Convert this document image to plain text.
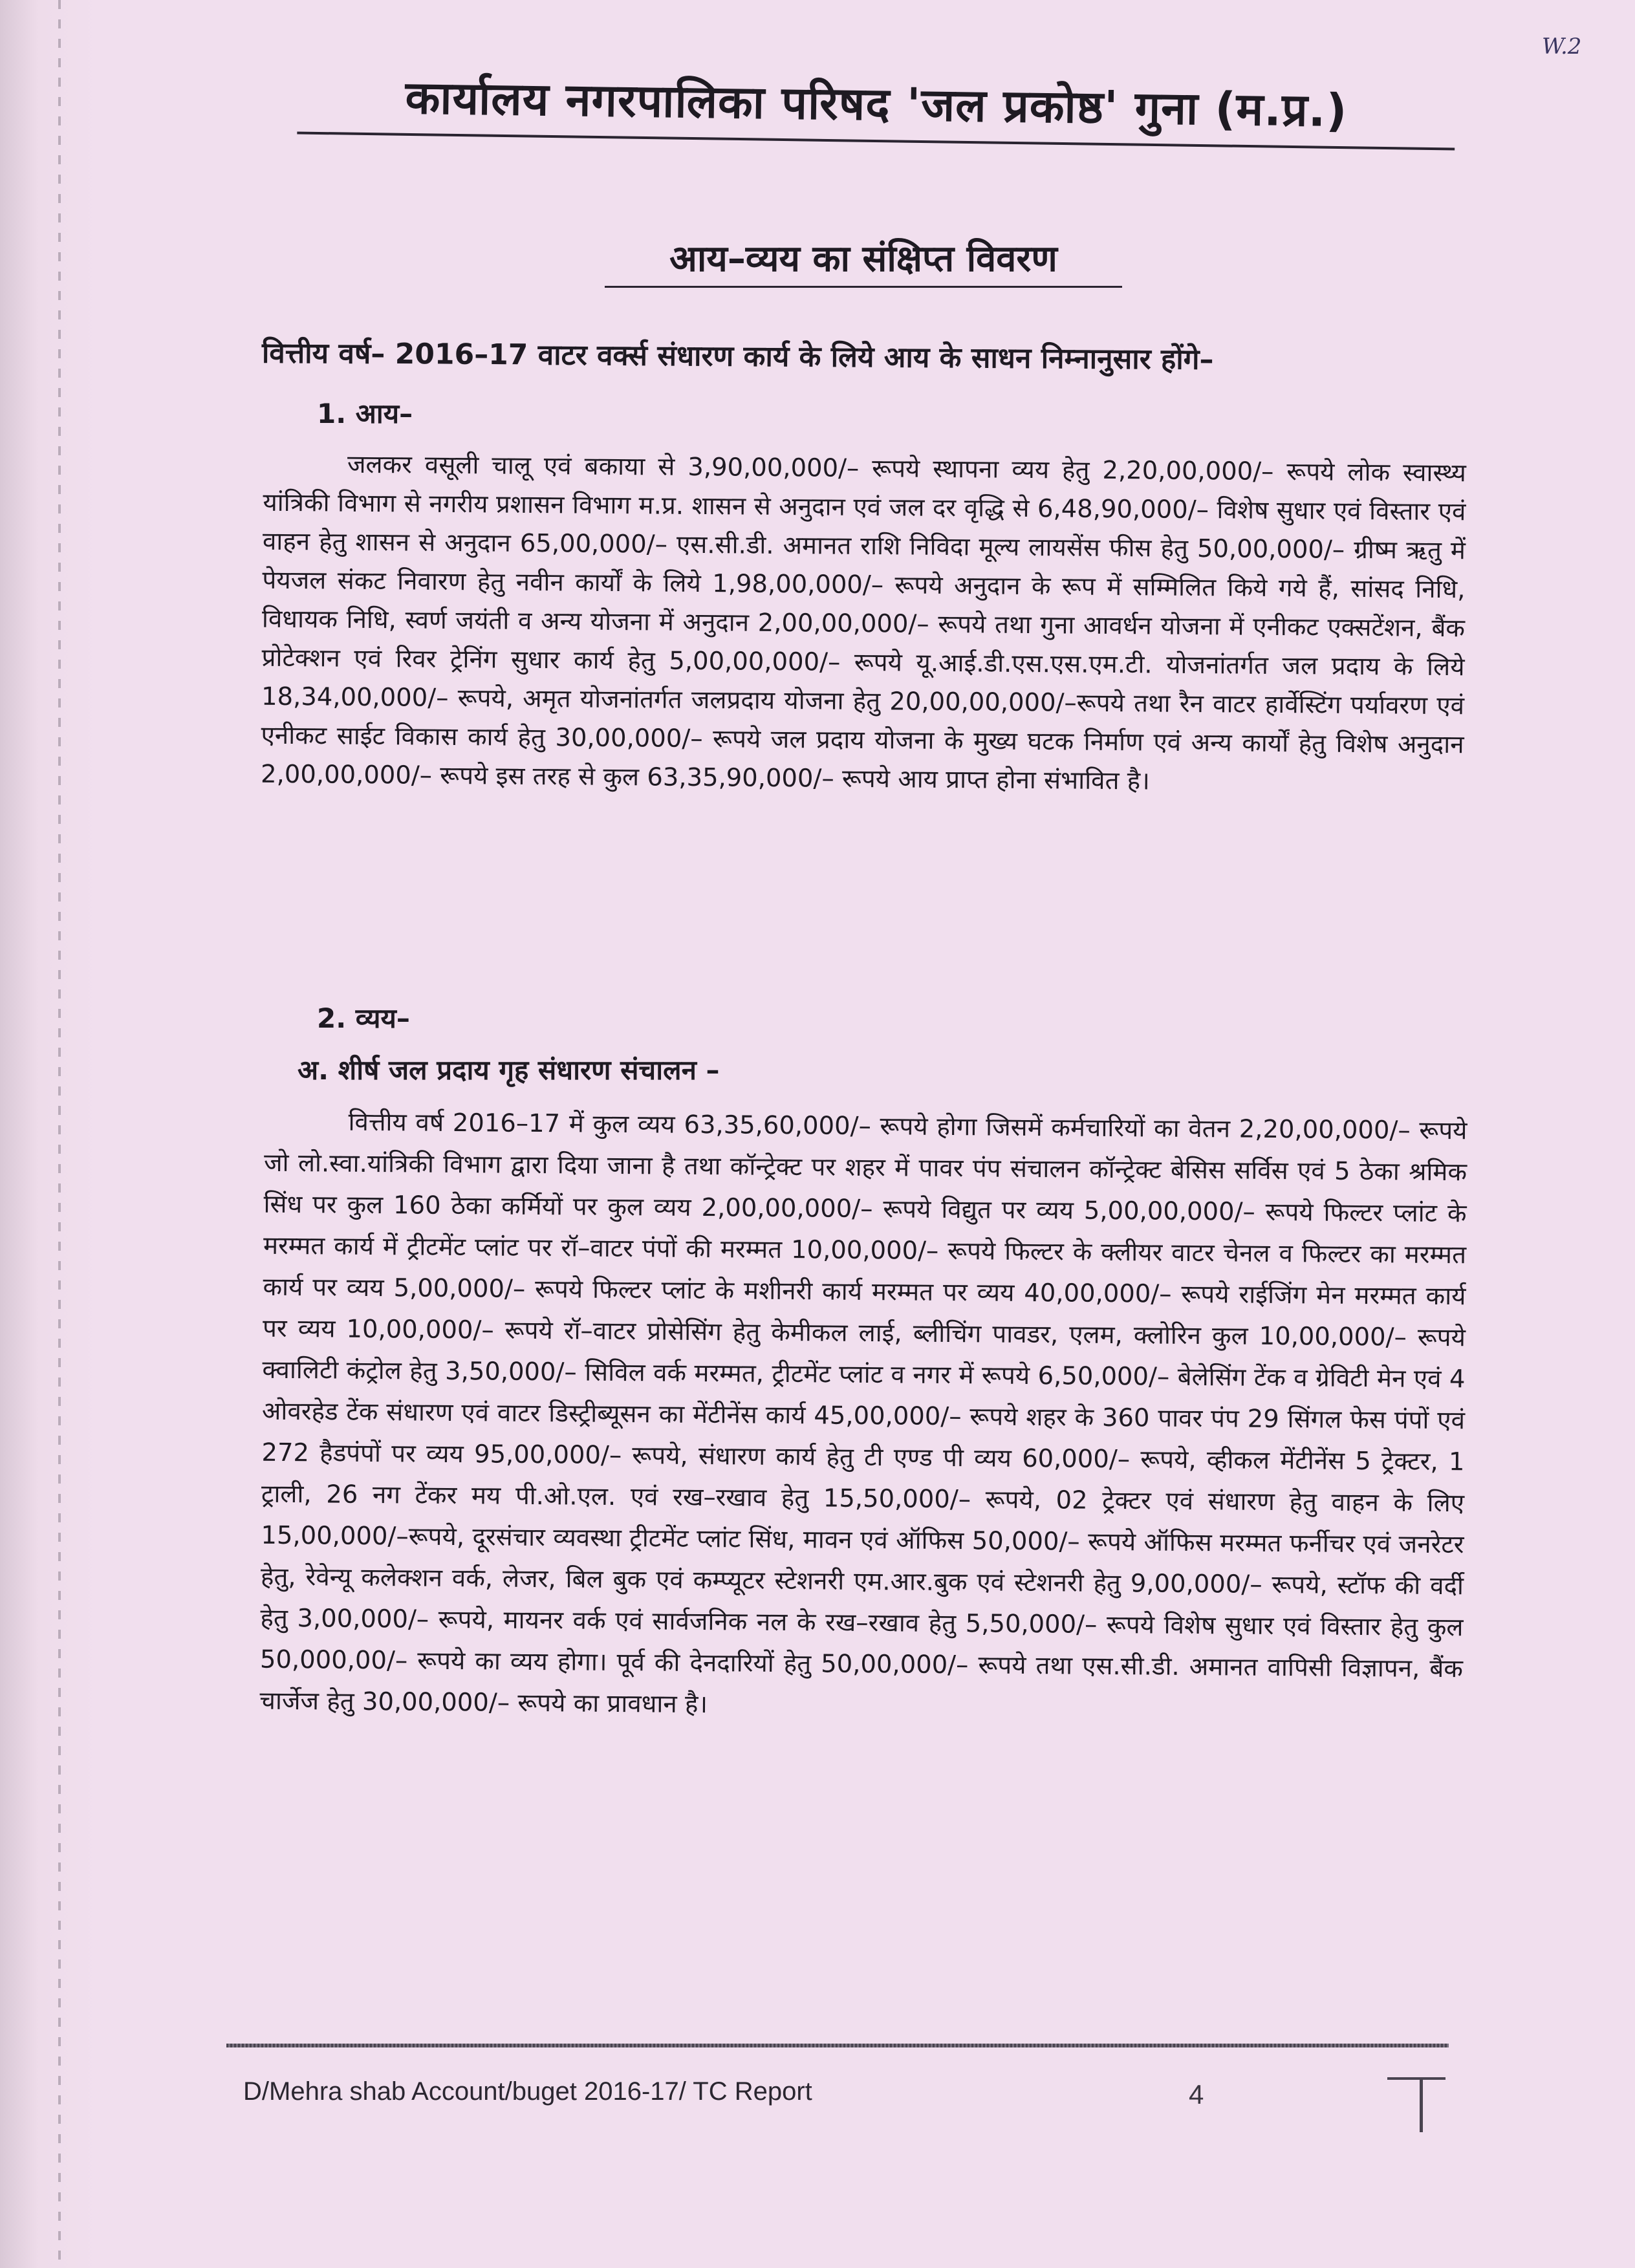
W.2
कार्यालय नगरपालिका परिषद 'जल प्रकोष्ठ' गुना (म.प्र.)
आय–व्यय का संक्षिप्त विवरण

वित्तीय वर्ष– 2016–17 वाटर वर्क्स संधारण कार्य के लिये आय के साधन निम्नानुसार होंगे–

1. आय–

जलकर वसूली चालू एवं बकाया से 3,90,00,000/– रूपये स्थापना व्यय हेतु 2,20,00,000/– रूपये लोक स्वास्थ्य यांत्रिकी विभाग से नगरीय प्रशासन विभाग म.प्र. शासन से अनुदान एवं जल दर वृद्धि से 6,48,90,000/– विशेष सुधार एवं विस्तार एवं वाहन हेतु शासन से अनुदान 65,00,000/– एस.सी.डी. अमानत राशि निविदा मूल्य लायसेंस फीस हेतु 50,00,000/– ग्रीष्म ऋतु में पेयजल संकट निवारण हेतु नवीन कार्यों के लिये 1,98,00,000/– रूपये अनुदान के रूप में सम्मिलित किये गये हैं, सांसद निधि, विधायक निधि, स्वर्ण जयंती व अन्य योजना में अनुदान 2,00,00,000/– रूपये तथा गुना आवर्धन योजना में एनीकट एक्सटेंशन, बैंक प्रोटेक्शन एवं रिवर ट्रेनिंग सुधार कार्य हेतु 5,00,00,000/– रूपये यू.आई.डी.एस.एस.एम.टी. योजनांतर्गत जल प्रदाय के लिये 18,34,00,000/– रूपये, अमृत योजनांतर्गत जलप्रदाय योजना हेतु 20,00,00,000/–रूपये तथा रैन वाटर हार्वेस्टिंग पर्यावरण एवं एनीकट साईट विकास कार्य हेतु 30,00,000/– रूपये जल प्रदाय योजना के मुख्य घटक निर्माण एवं अन्य कार्यों हेतु विशेष अनुदान 2,00,00,000/– रूपये इस तरह से कुल 63,35,90,000/– रूपये आय प्राप्त होना संभावित है।

2. व्यय–
अ. शीर्ष जल प्रदाय गृह संधारण संचालन –

वित्तीय वर्ष 2016–17 में कुल व्यय 63,35,60,000/– रूपये होगा जिसमें कर्मचारियों का वेतन 2,20,00,000/– रूपये जो लो.स्वा.यांत्रिकी विभाग द्वारा दिया जाना है तथा कॉन्ट्रेक्ट पर शहर में पावर पंप संचालन कॉन्ट्रेक्ट बेसिस सर्विस एवं 5 ठेका श्रमिक सिंध पर कुल 160 ठेका कर्मियों पर कुल व्यय 2,00,00,000/– रूपये विद्युत पर व्यय 5,00,00,000/– रूपये फिल्टर प्लांट के मरम्मत कार्य में ट्रीटमेंट प्लांट पर रॉ–वाटर पंपों की मरम्मत 10,00,000/– रूपये फिल्टर के क्लीयर वाटर चेनल व फिल्टर का मरम्मत कार्य पर व्यय 5,00,000/– रूपये फिल्टर प्लांट के मशीनरी कार्य मरम्मत पर व्यय 40,00,000/– रूपये राईजिंग मेन मरम्मत कार्य पर व्यय 10,00,000/– रूपये रॉ–वाटर प्रोसेसिंग हेतु केमीकल लाई, ब्लीचिंग पावडर, एलम, क्लोरिन कुल 10,00,000/– रूपये क्वालिटी कंट्रोल हेतु 3,50,000/– सिविल वर्क मरम्मत, ट्रीटमेंट प्लांट व नगर में रूपये 6,50,000/– बेलेसिंग टेंक व ग्रेविटी मेन एवं 4 ओवरहेड टेंक संधारण एवं वाटर डिस्ट्रीब्यूसन का मेंटीनेंस कार्य 45,00,000/– रूपये शहर के 360 पावर पंप 29 सिंगल फेस पंपों एवं 272 हैडपंपों पर व्यय 95,00,000/– रूपये, संधारण कार्य हेतु टी एण्ड पी व्यय 60,000/– रूपये, व्हीकल मेंटीनेंस 5 ट्रेक्टर, 1 ट्राली, 26 नग टेंकर मय पी.ओ.एल. एवं रख–रखाव हेतु 15,50,000/– रूपये, 02 ट्रेक्टर एवं संधारण हेतु वाहन के लिए 15,00,000/–रूपये, दूरसंचार व्यवस्था ट्रीटमेंट प्लांट सिंध, मावन एवं ऑफिस 50,000/– रूपये ऑफिस मरम्मत फर्नीचर एवं जनरेटर हेतु, रेवेन्यू कलेक्शन वर्क, लेजर, बिल बुक एवं कम्प्यूटर स्टेशनरी एम.आर.बुक एवं स्टेशनरी हेतु 9,00,000/– रूपये, स्टॉफ की वर्दी हेतु 3,00,000/– रूपये, मायनर वर्क एवं सार्वजनिक नल के रख–रखाव हेतु 5,50,000/– रूपये विशेष सुधार एवं विस्तार हेतु कुल 50,000,00/– रूपये का व्यय होगा। पूर्व की देनदारियों हेतु 50,00,000/– रूपये तथा एस.सी.डी. अमानत वापिसी विज्ञापन, बैंक चार्जेज हेतु 30,00,000/– रूपये का प्रावधान है।

D/Mehra shab Account/buget 2016-17/ TC Report	4
